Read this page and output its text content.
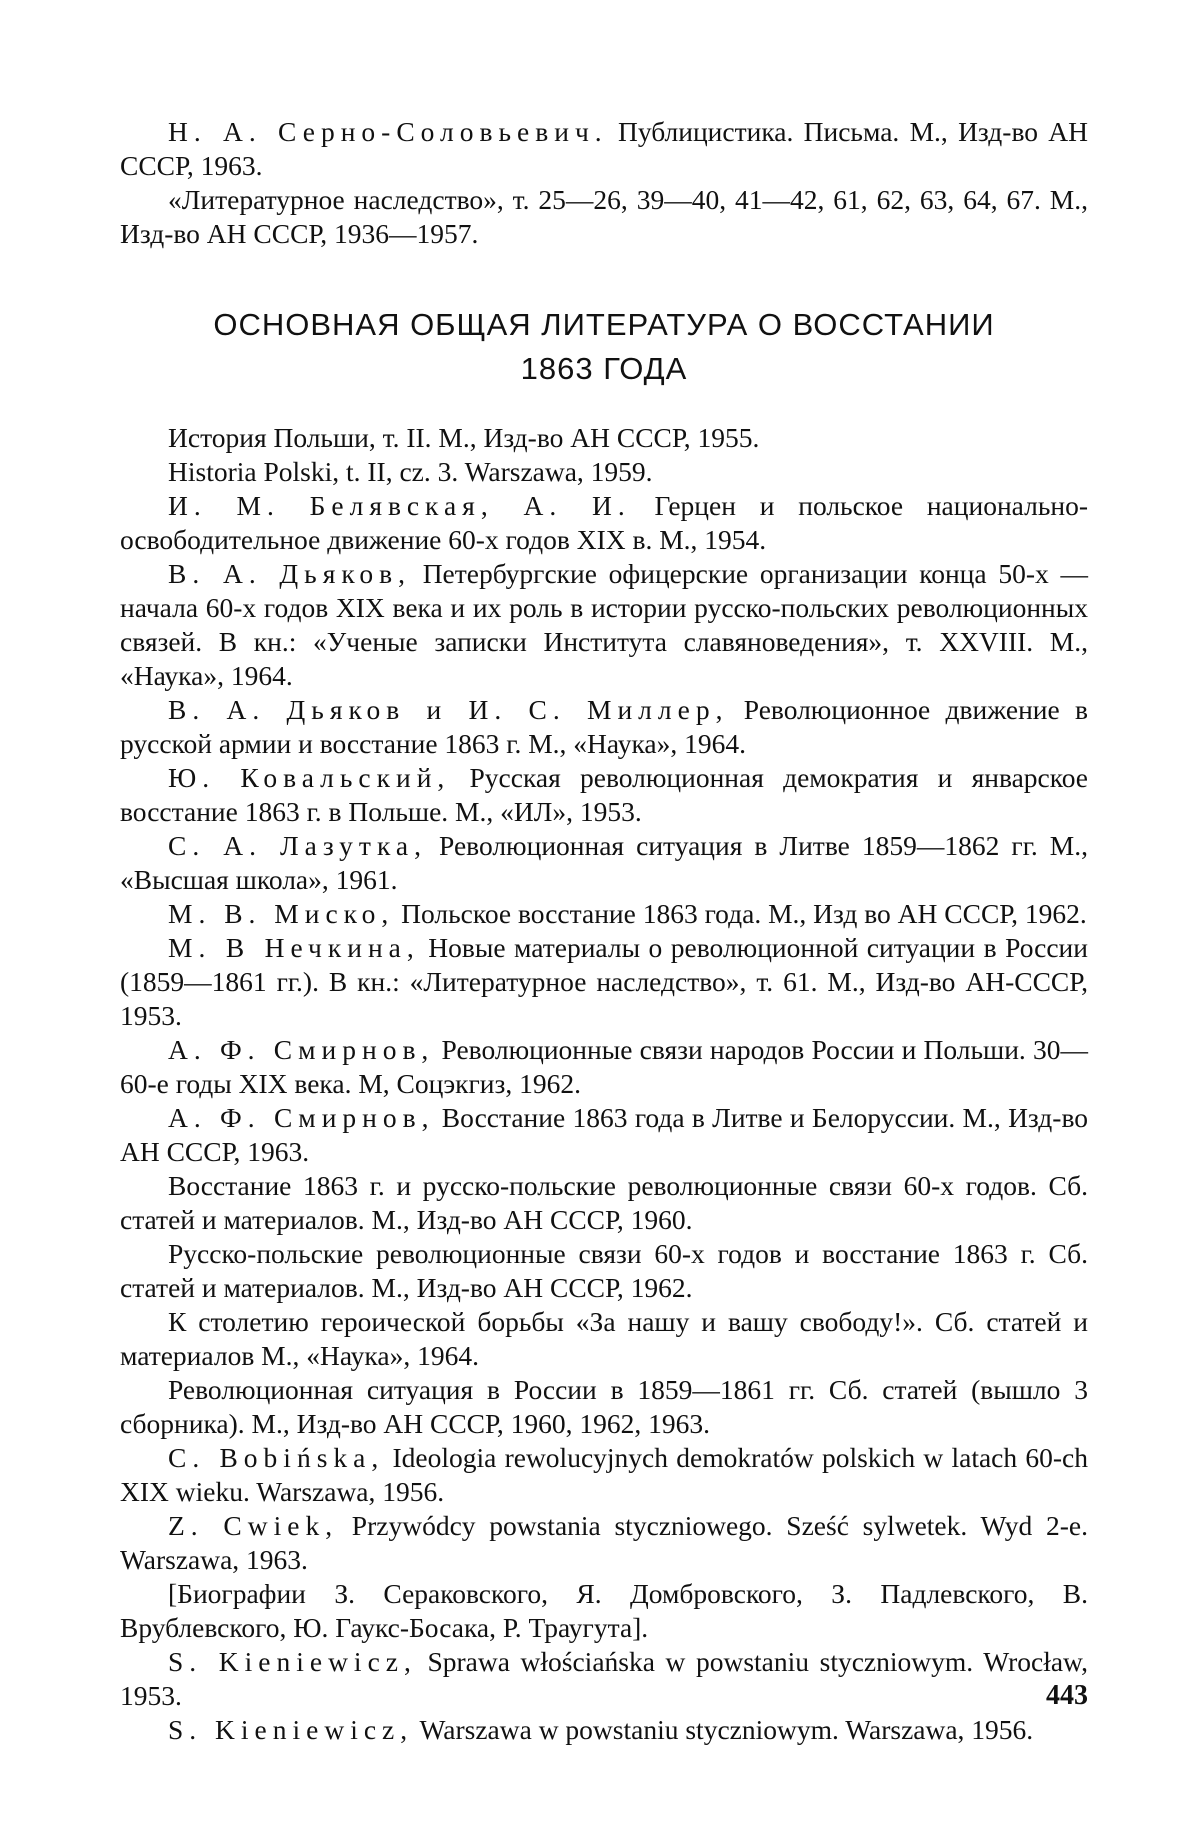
Н. А. Серно-Соловьевич. Публицистика. Письма. М., Изд-во АН СССР, 1963.

«Литературное наследство», т. 25—26, 39—40, 41—42, 61, 62, 63, 64, 67. М., Изд-во АН СССР, 1936—1957.

ОСНОВНАЯ ОБЩАЯ ЛИТЕРАТУРА О ВОССТАНИИ
1863 ГОДА

История Польши, т. II. М., Изд-во АН СССР, 1955.

Historia Polski, t. II, cz. 3. Warszawa, 1959.

И. М. Белявская, А. И. Герцен и польское национально-освободительное движение 60-х годов XIX в. М., 1954.

В. А. Дьяков, Петербургские офицерские организации конца 50-х — начала 60-х годов XIX века и их роль в истории русско-польских революционных связей. В кн.: «Ученые записки Института славяноведения», т. XXVIII. М., «Наука», 1964.

В. А. Дьяков и И. С. Миллер, Революционное движение в русской армии и восстание 1863 г. М., «Наука», 1964.

Ю. Ковальский, Русская революционная демократия и январское восстание 1863 г. в Польше. М., «ИЛ», 1953.

С. А. Лазутка, Революционная ситуация в Литве 1859—1862 гг. М., «Высшая школа», 1961.

М. В. Миско, Польское восстание 1863 года. М., Изд во АН СССР, 1962.

М. В Нечкина, Новые материалы о революционной ситуации в России (1859—1861 гг.). В кн.: «Литературное наследство», т. 61. М., Изд-во АН-СССР, 1953.

А. Ф. Смирнов, Революционные связи народов России и Польши. 30—60-е годы XIX века. М, Соцэкгиз, 1962.

А. Ф. Смирнов, Восстание 1863 года в Литве и Белоруссии. М., Изд-во АН СССР, 1963.

Восстание 1863 г. и русско-польские революционные связи 60-х годов. Сб. статей и материалов. М., Изд-во АН СССР, 1960.

Русско-польские революционные связи 60-х годов и восстание 1863 г. Сб. статей и материалов. М., Изд-во АН СССР, 1962.

К столетию героической борьбы «За нашу и вашу свободу!». Сб. статей и материалов М., «Наука», 1964.

Революционная ситуация в России в 1859—1861 гг. Сб. статей (вышло 3 сборника). М., Изд-во АН СССР, 1960, 1962, 1963.

C. Bobińska, Ideologia rewolucyjnych demokratów polskich w latach 60-ch XIX wieku. Warszawa, 1956.

Z. Cwiek, Przywódcy powstania styczniowego. Sześć sylwetek. Wyd 2-e. Warszawa, 1963.

[Биографии З. Сераковского, Я. Домбровского, З. Падлевского, В. Врублевского, Ю. Гаукс-Босака, Р. Траугута].

S. Kieniewicz, Sprawa włościańska w powstaniu styczniowym. Wrocław, 1953.

S. Kieniewicz, Warszawa w powstaniu styczniowym. Warszawa, 1956.

443
